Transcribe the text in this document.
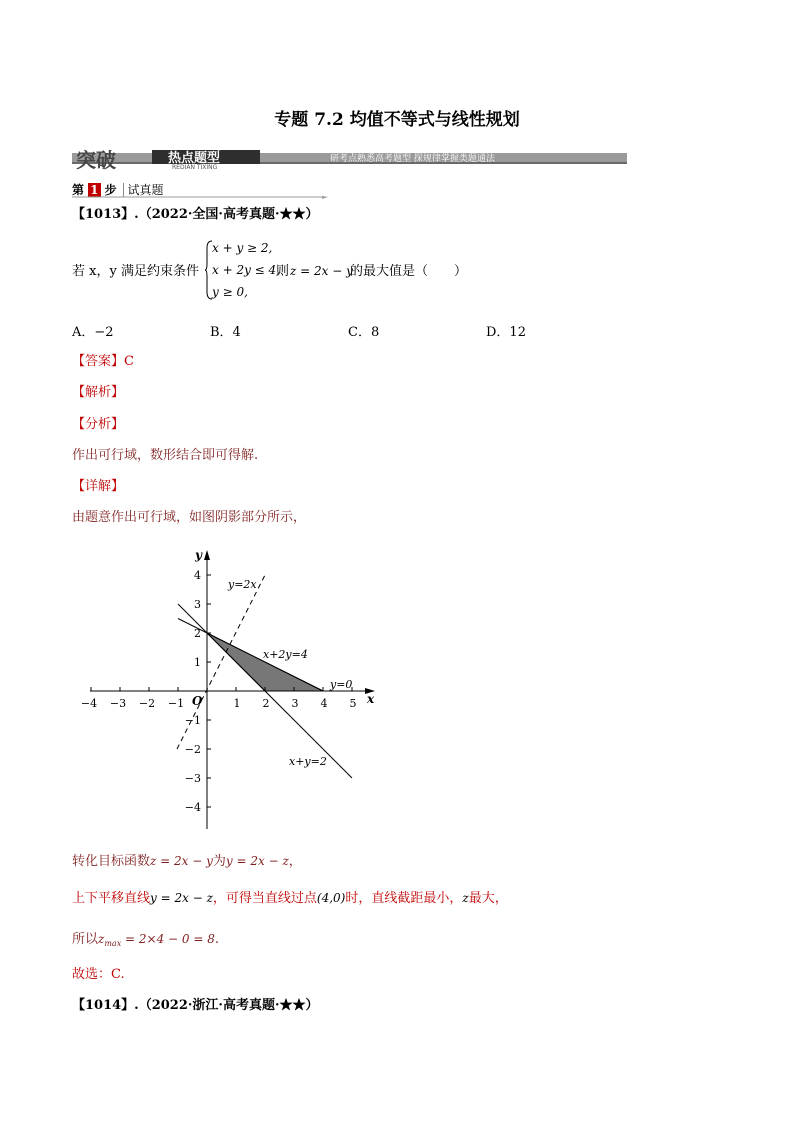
专题 7.2 均值不等式与线性规划
突破	热点题型
REDIAN TIXING
研考点熟悉高考题型 探规律掌握类题通法
第 1 步 试真题
【1013】.（2022·全国·高考真题·★★）
若 x，y 满足约束条件
x + y ≥ 2,
x + 2y ≤ 4,
y ≥ 0,
则 z = 2x − y
的最大值是（　　）
A．−2	B．4	C．8	D．12
【答案】C
【解析】
【分析】
作出可行域，数形结合即可得解.
【详解】
由题意作出可行域，如图阴影部分所示，
−4 −3 −2 −1	1 2 3 4 5
4
3
2
1
−1
−2
−3
−4
x
y
O
y=2x
x+2y=4
y=0
x+y=2
转化目标函数z = 2x − y为y = 2x − z，
上下平移直线y = 2x − z，可得当直线过点(4,0)时，直线截距最小，z最大，
所以$z_{max} = 2\times 4 - 0 = 8$.
故选：C.
【1014】.（2022·浙江·高考真题·★★）
